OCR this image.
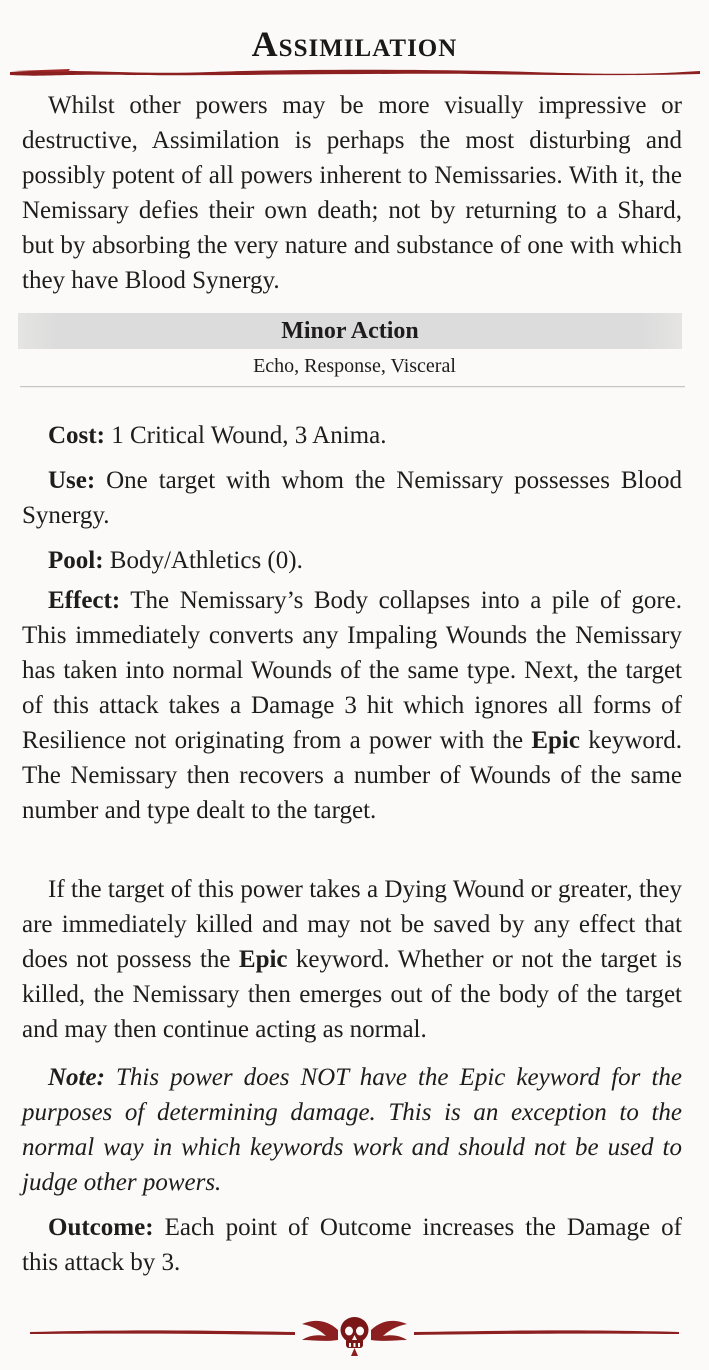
Assimilation

Whilst other powers may be more visually impressive or destructive, Assimilation is perhaps the most disturbing and possibly potent of all powers inherent to Nemissaries. With it, the Nemissary defies their own death; not by returning to a Shard, but by absorbing the very nature and substance of one with which they have Blood Synergy.

Minor Action
Echo, Response, Visceral

Cost: 1 Critical Wound, 3 Anima.

Use: One target with whom the Nemissary possesses Blood Synergy.

Pool: Body/Athletics (0).

Effect: The Nemissary’s Body collapses into a pile of gore. This immediately converts any Impaling Wounds the Nemissary has taken into normal Wounds of the same type. Next, the target of this attack takes a Damage 3 hit which ignores all forms of Resilience not originating from a power with the Epic keyword. The Nemissary then recovers a number of Wounds of the same number and type dealt to the target.

If the target of this power takes a Dying Wound or greater, they are immediately killed and may not be saved by any effect that does not possess the Epic keyword. Whether or not the target is killed, the Nemissary then emerges out of the body of the target and may then continue acting as normal.

Note: This power does NOT have the Epic keyword for the purposes of determining damage. This is an exception to the normal way in which keywords work and should not be used to judge other powers.

Outcome: Each point of Outcome increases the Damage of this attack by 3.
